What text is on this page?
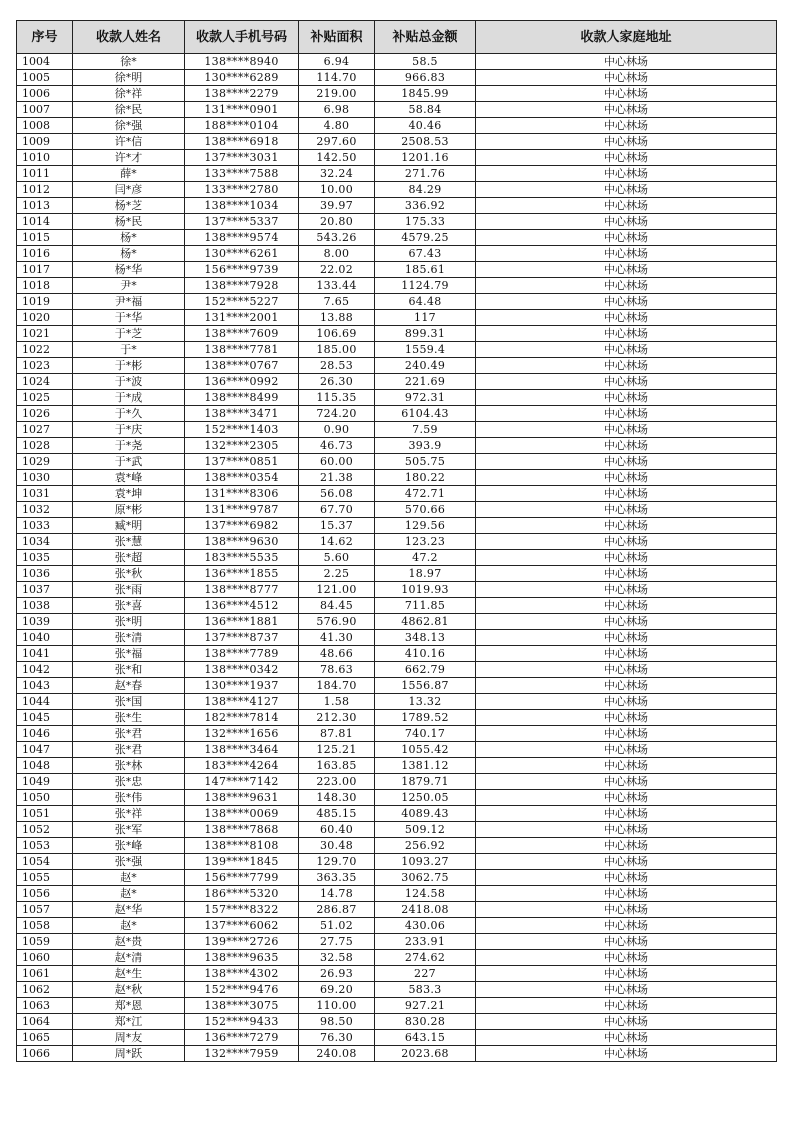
序号	收款人姓名	收款人手机号码	补贴面积	补贴总金额	收款人家庭地址
1004	徐*	138****8940	6.94	58.5	中心林场
1005	徐*明	130****6289	114.70	966.83	中心林场
1006	徐*祥	138****2279	219.00	1845.99	中心林场
1007	徐*民	131****0901	6.98	58.84	中心林场
1008	徐*强	188****0104	4.80	40.46	中心林场
1009	许*信	138****6918	297.60	2508.53	中心林场
1010	许*才	137****3031	142.50	1201.16	中心林场
1011	薛*	133****7588	32.24	271.76	中心林场
1012	闫*彦	133****2780	10.00	84.29	中心林场
1013	杨*芝	138****1034	39.97	336.92	中心林场
1014	杨*民	137****5337	20.80	175.33	中心林场
1015	杨*	138****9574	543.26	4579.25	中心林场
1016	杨*	130****6261	8.00	67.43	中心林场
1017	杨*华	156****9739	22.02	185.61	中心林场
1018	尹*	138****7928	133.44	1124.79	中心林场
1019	尹*福	152****5227	7.65	64.48	中心林场
1020	于*华	131****2001	13.88	117	中心林场
1021	于*芝	138****7609	106.69	899.31	中心林场
1022	于*	138****7781	185.00	1559.4	中心林场
1023	于*彬	138****0767	28.53	240.49	中心林场
1024	于*波	136****0992	26.30	221.69	中心林场
1025	于*成	138****8499	115.35	972.31	中心林场
1026	于*久	138****3471	724.20	6104.43	中心林场
1027	于*庆	152****1403	0.90	7.59	中心林场
1028	于*尧	132****2305	46.73	393.9	中心林场
1029	于*武	137****0851	60.00	505.75	中心林场
1030	袁*峰	138****0354	21.38	180.22	中心林场
1031	袁*坤	131****8306	56.08	472.71	中心林场
1032	原*彬	131****9787	67.70	570.66	中心林场
1033	臧*明	137****6982	15.37	129.56	中心林场
1034	张*慧	138****9630	14.62	123.23	中心林场
1035	张*超	183****5535	5.60	47.2	中心林场
1036	张*秋	136****1855	2.25	18.97	中心林场
1037	张*雨	138****8777	121.00	1019.93	中心林场
1038	张*喜	136****4512	84.45	711.85	中心林场
1039	张*明	136****1881	576.90	4862.81	中心林场
1040	张*清	137****8737	41.30	348.13	中心林场
1041	张*福	138****7789	48.66	410.16	中心林场
1042	张*和	138****0342	78.63	662.79	中心林场
1043	赵*春	130****1937	184.70	1556.87	中心林场
1044	张*国	138****4127	1.58	13.32	中心林场
1045	张*生	182****7814	212.30	1789.52	中心林场
1046	张*君	132****1656	87.81	740.17	中心林场
1047	张*君	138****3464	125.21	1055.42	中心林场
1048	张*林	183****4264	163.85	1381.12	中心林场
1049	张*忠	147****7142	223.00	1879.71	中心林场
1050	张*伟	138****9631	148.30	1250.05	中心林场
1051	张*祥	138****0069	485.15	4089.43	中心林场
1052	张*军	138****7868	60.40	509.12	中心林场
1053	张*峰	138****8108	30.48	256.92	中心林场
1054	张*强	139****1845	129.70	1093.27	中心林场
1055	赵*	156****7799	363.35	3062.75	中心林场
1056	赵*	186****5320	14.78	124.58	中心林场
1057	赵*华	157****8322	286.87	2418.08	中心林场
1058	赵*	137****6062	51.02	430.06	中心林场
1059	赵*贵	139****2726	27.75	233.91	中心林场
1060	赵*清	138****9635	32.58	274.62	中心林场
1061	赵*生	138****4302	26.93	227	中心林场
1062	赵*秋	152****9476	69.20	583.3	中心林场
1063	郑*恩	138****3075	110.00	927.21	中心林场
1064	郑*江	152****9433	98.50	830.28	中心林场
1065	周*友	136****7279	76.30	643.15	中心林场
1066	周*跃	132****7959	240.08	2023.68	中心林场
